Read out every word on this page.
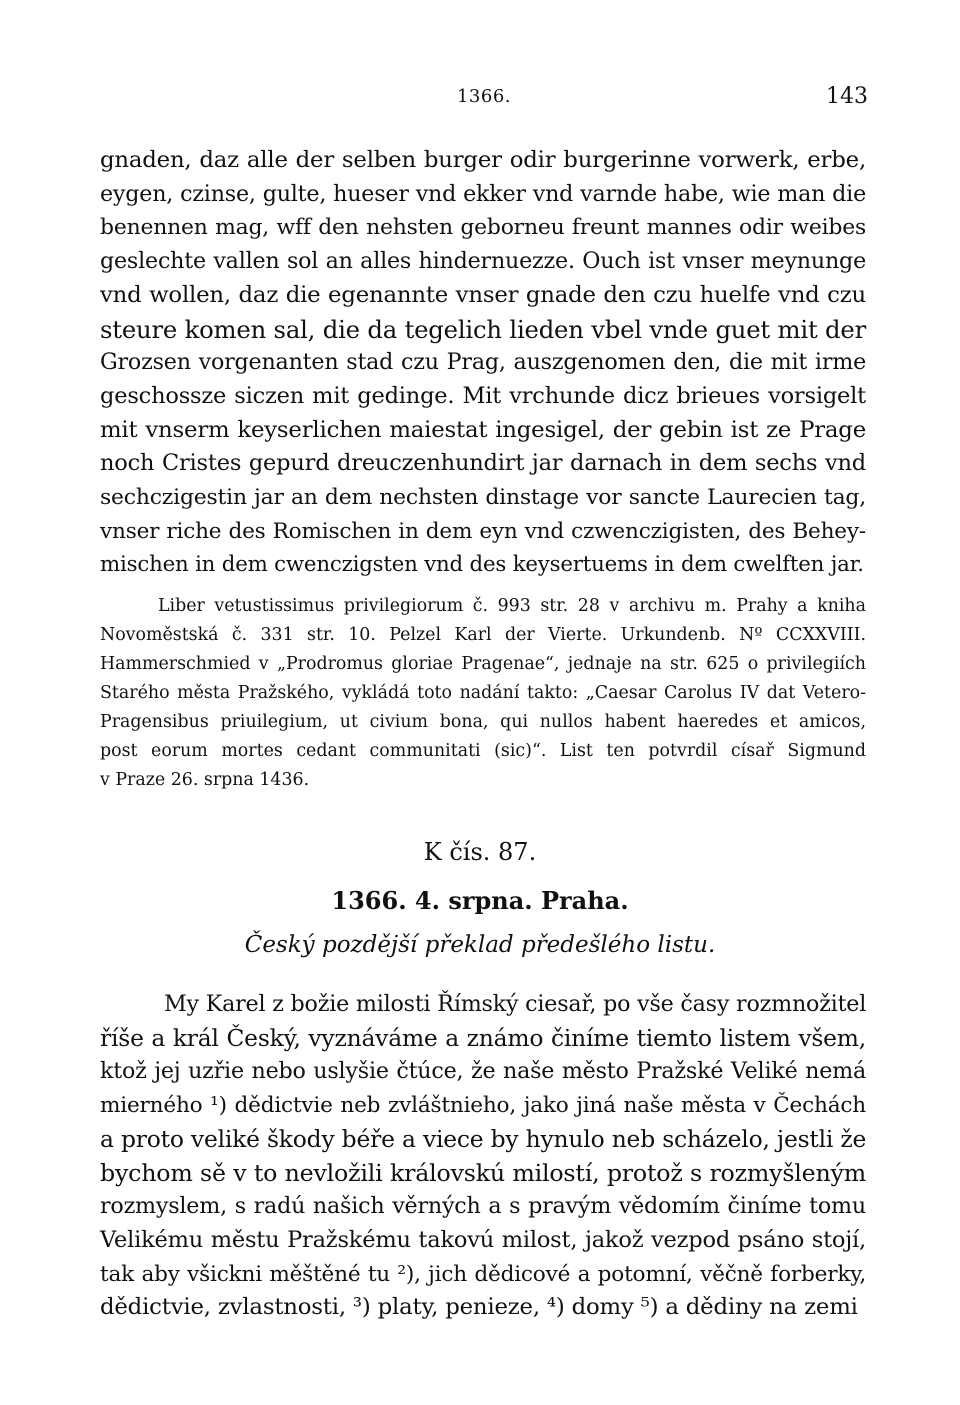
1366.	143
gnaden, daz alle der selben burger odir burgerinne vorwerk, erbe,
eygen, czinse, gulte, hueser vnd ekker vnd varnde habe, wie man die
benennen mag, wff den nehsten geborneu freunt mannes odir weibes
geslechte vallen sol an alles hindernuezze. Ouch ist vnser meynunge
vnd wollen, daz die egenannte vnser gnade den czu huelfe vnd czu
steure komen sal, die da tegelich lieden vbel vnde guet mit der
Grozsen vorgenanten stad czu Prag, auszgenomen den, die mit irme
geschossze siczen mit gedinge. Mit vrchunde dicz brieues vorsigelt
mit vnserm keyserlichen maiestat ingesigel, der gebin ist ze Prage
noch Cristes gepurd dreuczenhundirt jar darnach in dem sechs vnd
sechczigestin jar an dem nechsten dinstage vor sancte Laurecien tag,
vnser riche des Romischen in dem eyn vnd czwenczigisten, des Behey-
mischen in dem cwenczigsten vnd des keysertuems in dem cwelften jar.
Liber vetustissimus privilegiorum č. 993 str. 28 v archivu m. Prahy a kniha
Novoměstská č. 331 str. 10. Pelzel Karl der Vierte. Urkundenb. Nº CCXXVIII.
Hammerschmied v „Prodromus gloriae Pragenae“, jednaje na str. 625 o privilegiích
Starého města Pražského, vykládá toto nadání takto: „Caesar Carolus IV dat Vetero-
Pragensibus priuilegium, ut civium bona, qui nullos habent haeredes et amicos,
post eorum mortes cedant communitati (sic)“. List ten potvrdil císař Sigmund
v Praze 26. srpna 1436.
K čís. 87.
1366. 4. srpna. Praha.
Český pozdější překlad předešlého listu.
My Karel z božie milosti Římský ciesař, po vše časy rozmnožitel
říše a král Český, vyznáváme a známo činíme tiemto listem všem,
ktož jej uzřie nebo uslyšie čtúce, že naše město Pražské Veliké nemá
mierného ¹) dědictvie neb zvláštnieho, jako jiná naše města v Čechách
a proto veliké škody béře a viece by hynulo neb scházelo, jestli že
bychom sě v to nevložili královskú milostí, protož s rozmyšleným
rozmyslem, s radú našich věrných a s pravým vědomím činíme tomu
Velikému městu Pražskému takovú milost, jakož vezpod psáno stojí,
tak aby všickni měštěné tu ²), jich dědicové a potomní, věčně forberky,
dědictvie, zvlastnosti, ³) platy, penieze, ⁴) domy ⁵) a dědiny na zemi
